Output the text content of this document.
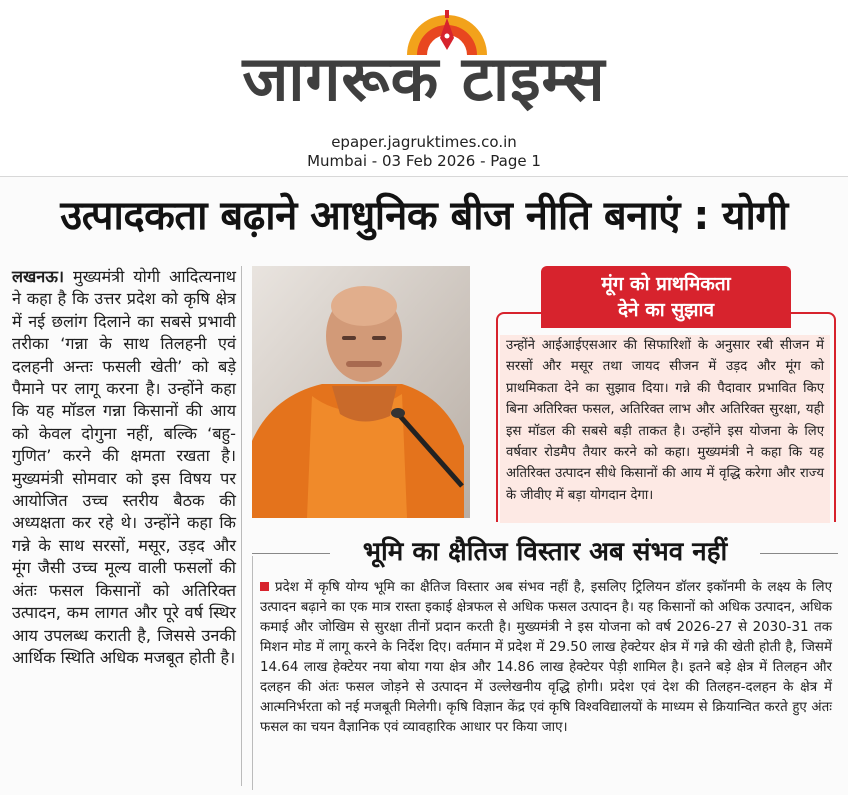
जागरूक टाइम्स
epaper.jagruktimes.co.in
Mumbai - 03 Feb 2026 - Page 1
उत्पादकता बढ़ाने आधुनिक बीज नीति बनाएं : योगी
लखनऊ। मुख्यमंत्री योगी आदित्यनाथ ने कहा है कि उत्तर प्रदेश को कृषि क्षेत्र में नई छलांग दिलाने का सबसे प्रभावी तरीका ‘गन्ना के साथ तिलहनी एवं दलहनी अन्तः फसली खेती’ को बड़े पैमाने पर लागू करना है। उन्होंने कहा कि यह मॉडल गन्ना किसानों की आय को केवल दोगुना नहीं, बल्कि ‘बहु-गुणित’ करने की क्षमता रखता है। मुख्यमंत्री सोमवार को इस विषय पर आयोजित उच्च स्तरीय बैठक की अध्यक्षता कर रहे थे। उन्होंने कहा कि गन्ने के साथ सरसों, मसूर, उड़द और मूंग जैसी उच्च मूल्य वाली फसलों की अंतः फसल किसानों को अतिरिक्त उत्पादन, कम लागत और पूरे वर्ष स्थिर आय उपलब्ध कराती है, जिससे उनकी आर्थिक स्थिति अधिक मजबूत होती है।
मूंग को प्राथमिकता
देने का सुझाव
उन्होंने आईआईएसआर की सिफारिशों के अनुसार रबी सीजन में सरसों और मसूर तथा जायद सीजन में उड़द और मूंग को प्राथमिकता देने का सुझाव दिया। गन्ने की पैदावार प्रभावित किए बिना अतिरिक्त फसल, अतिरिक्त लाभ और अतिरिक्त सुरक्षा, यही इस मॉडल की सबसे बड़ी ताकत है। उन्होंने इस योजना के लिए वर्षवार रोडमैप तैयार करने को कहा। मुख्यमंत्री ने कहा कि यह अतिरिक्त उत्पादन सीधे किसानों की आय में वृद्धि करेगा और राज्य के जीवीए में बड़ा योगदान देगा।
भूमि का क्षैतिज विस्तार अब संभव नहीं
प्रदेश में कृषि योग्य भूमि का क्षैतिज विस्तार अब संभव नहीं है, इसलिए ट्रिलियन डॉलर इकॉनमी के लक्ष्य के लिए उत्पादन बढ़ाने का एक मात्र रास्ता इकाई क्षेत्रफल से अधिक फसल उत्पादन है। यह किसानों को अधिक उत्पादन, अधिक कमाई और जोखिम से सुरक्षा तीनों प्रदान करती है। मुख्यमंत्री ने इस योजना को वर्ष 2026-27 से 2030-31 तक मिशन मोड में लागू करने के निर्देश दिए। वर्तमान में प्रदेश में 29.50 लाख हेक्टेयर क्षेत्र में गन्ने की खेती होती है, जिसमें 14.64 लाख हेक्टेयर नया बोया गया क्षेत्र और 14.86 लाख हेक्टेयर पेड़ी शामिल है। इतने बड़े क्षेत्र में तिलहन और दलहन की अंतः फसल जोड़ने से उत्पादन में उल्लेखनीय वृद्धि होगी। प्रदेश एवं देश की तिलहन-दलहन के क्षेत्र में आत्मनिर्भरता को नई मजबूती मिलेगी। कृषि विज्ञान केंद्र एवं कृषि विश्वविद्यालयों के माध्यम से क्रियान्वित करते हुए अंतः फसल का चयन वैज्ञानिक एवं व्यावहारिक आधार पर किया जाए।
